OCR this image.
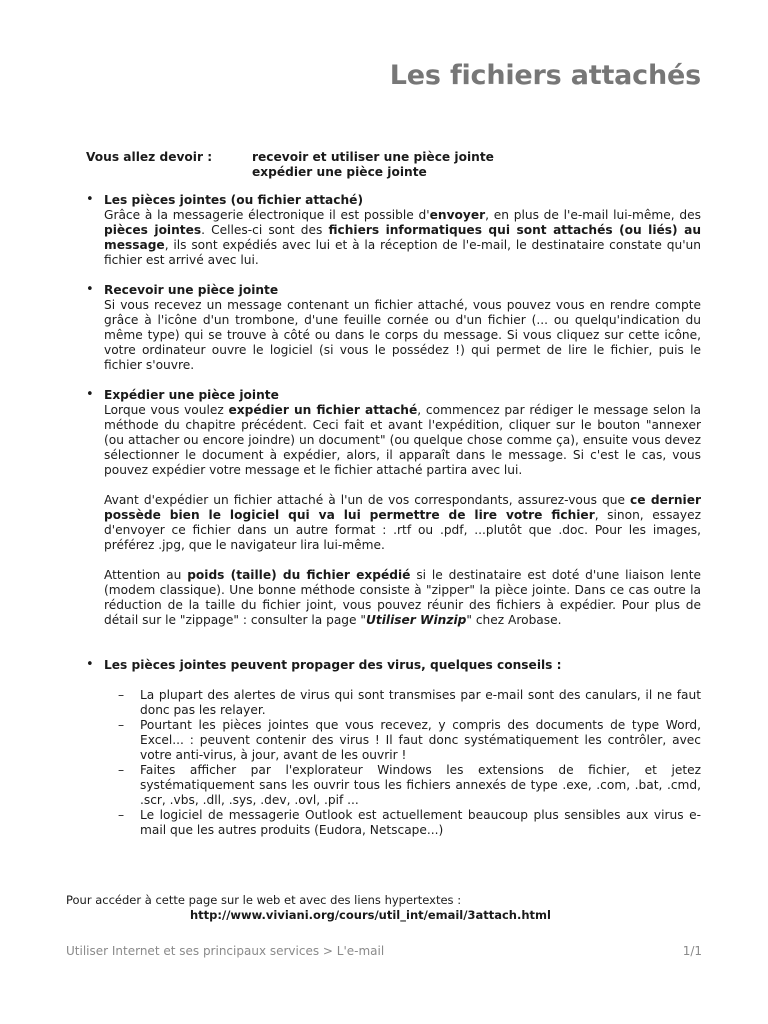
Les fichiers attachés
Vous allez devoir :	recevoir et utiliser une pièce jointe
expédier une pièce jointe
• Les pièces jointes (ou fichier attaché)
Grâce à la messagerie électronique il est possible d'envoyer, en plus de l'e-mail lui-même, des pièces jointes. Celles-ci sont des fichiers informatiques qui sont attachés (ou liés) au message, ils sont expédiés avec lui et à la réception de l'e-mail, le destinataire constate qu'un fichier est arrivé avec lui.
• Recevoir une pièce jointe
Si vous recevez un message contenant un fichier attaché, vous pouvez vous en rendre compte grâce à l'icône d'un trombone, d'une feuille cornée ou d'un fichier (... ou quelqu'indication du même type) qui se trouve à côté ou dans le corps du message. Si vous cliquez sur cette icône, votre ordinateur ouvre le logiciel (si vous le possédez !) qui permet de lire le fichier, puis le fichier s'ouvre.
• Expédier une pièce jointe
Lorque vous voulez expédier un fichier attaché, commencez par rédiger le message selon la méthode du chapitre précédent. Ceci fait et avant l'expédition, cliquer sur le bouton "annexer (ou attacher ou encore joindre) un document" (ou quelque chose comme ça), ensuite vous devez sélectionner le document à expédier, alors, il apparaît dans le message. Si c'est le cas, vous pouvez expédier votre message et le fichier attaché partira avec lui.
Avant d'expédier un fichier attaché à l'un de vos correspondants, assurez-vous que ce dernier possède bien le logiciel qui va lui permettre de lire votre fichier, sinon, essayez d'envoyer ce fichier dans un autre format : .rtf ou .pdf, ...plutôt que .doc. Pour les images, préférez .jpg, que le navigateur lira lui-même.
Attention au poids (taille) du fichier expédié si le destinataire est doté d'une liaison lente (modem classique). Une bonne méthode consiste à "zipper" la pièce jointe. Dans ce cas outre la réduction de la taille du fichier joint, vous pouvez réunir des fichiers à expédier. Pour plus de détail sur le "zippage" : consulter la page "Utiliser Winzip" chez Arobase.
• Les pièces jointes peuvent propager des virus, quelques conseils :
– La plupart des alertes de virus qui sont transmises par e-mail sont des canulars, il ne faut donc pas les relayer.
– Pourtant les pièces jointes que vous recevez, y compris des documents de type Word, Excel... : peuvent contenir des virus ! Il faut donc systématiquement les contrôler, avec votre anti-virus, à jour, avant de les ouvrir !
– Faites afficher par l'explorateur Windows les extensions de fichier, et jetez systématiquement sans les ouvrir tous les fichiers annexés de type .exe, .com, .bat, .cmd, .scr, .vbs, .dll, .sys, .dev, .ovl, .pif ...
– Le logiciel de messagerie Outlook est actuellement beaucoup plus sensibles aux virus e-mail que les autres produits (Eudora, Netscape...)
Pour accéder à cette page sur le web et avec des liens hypertextes :
http://www.viviani.org/cours/util_int/email/3attach.html
Utiliser Internet et ses principaux services > L'e-mail	1/1
